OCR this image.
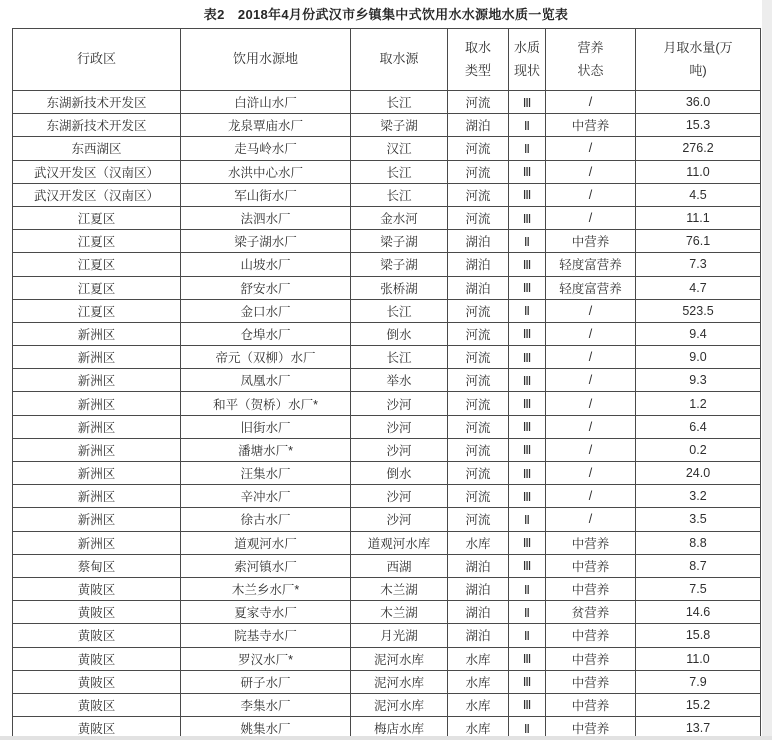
表2　2018年4月份武汉市乡镇集中式饮用水水源地水质一览表
行政区	饮用水源地	取水源	取水类型	水质现状	营养状态	月取水量(万吨)
东湖新技术开发区	白浒山水厂	长江	河流	Ⅲ	/	36.0
东湖新技术开发区	龙泉覃庙水厂	梁子湖	湖泊	Ⅱ	中营养	15.3
东西湖区	走马岭水厂	汉江	河流	Ⅱ	/	276.2
武汉开发区（汉南区）	水洪中心水厂	长江	河流	Ⅲ	/	11.0
武汉开发区（汉南区）	军山街水厂	长江	河流	Ⅲ	/	4.5
江夏区	法泗水厂	金水河	河流	Ⅲ	/	11.1
江夏区	梁子湖水厂	梁子湖	湖泊	Ⅱ	中营养	76.1
江夏区	山坡水厂	梁子湖	湖泊	Ⅲ	轻度富营养	7.3
江夏区	舒安水厂	张桥湖	湖泊	Ⅲ	轻度富营养	4.7
江夏区	金口水厂	长江	河流	Ⅱ	/	523.5
新洲区	仓埠水厂	倒水	河流	Ⅲ	/	9.4
新洲区	帝元（双柳）水厂	长江	河流	Ⅲ	/	9.0
新洲区	凤凰水厂	举水	河流	Ⅲ	/	9.3
新洲区	和平（贺桥）水厂*	沙河	河流	Ⅲ	/	1.2
新洲区	旧街水厂	沙河	河流	Ⅲ	/	6.4
新洲区	潘塘水厂*	沙河	河流	Ⅲ	/	0.2
新洲区	汪集水厂	倒水	河流	Ⅲ	/	24.0
新洲区	辛冲水厂	沙河	河流	Ⅲ	/	3.2
新洲区	徐古水厂	沙河	河流	Ⅱ	/	3.5
新洲区	道观河水厂	道观河水库	水库	Ⅲ	中营养	8.8
蔡甸区	索河镇水厂	西湖	湖泊	Ⅲ	中营养	8.7
黄陂区	木兰乡水厂*	木兰湖	湖泊	Ⅱ	中营养	7.5
黄陂区	夏家寺水厂	木兰湖	湖泊	Ⅱ	贫营养	14.6
黄陂区	院基寺水厂	月光湖	湖泊	Ⅱ	中营养	15.8
黄陂区	罗汉水厂*	泥河水库	水库	Ⅲ	中营养	11.0
黄陂区	研子水厂	泥河水库	水库	Ⅲ	中营养	7.9
黄陂区	李集水厂	泥河水库	水库	Ⅲ	中营养	15.2
黄陂区	姚集水厂	梅店水库	水库	Ⅱ	中营养	13.7
